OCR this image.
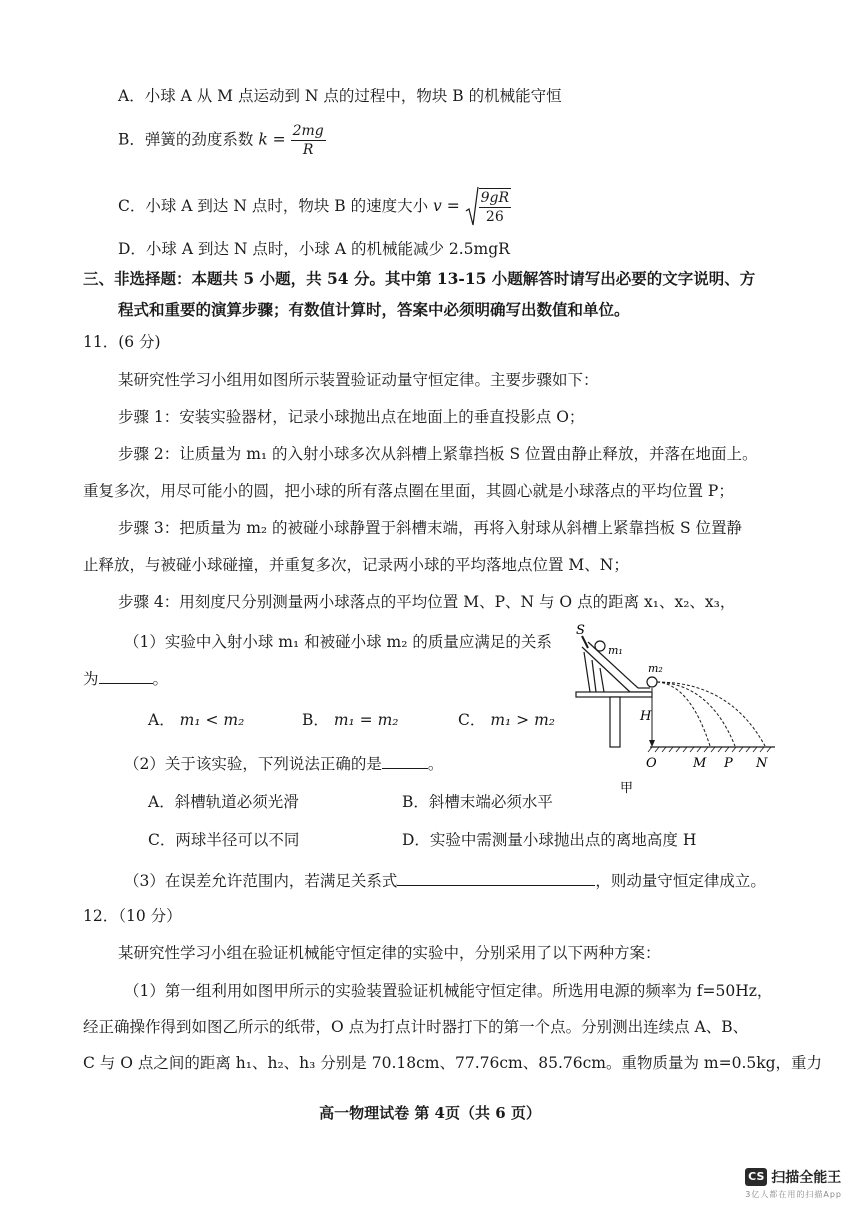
A．小球 A 从 M 点运动到 N 点的过程中，物块 B 的机械能守恒
B．弹簧的劲度系数 $k = \frac{2mg}{R}$
C．小球 A 到达 N 点时，物块 B 的速度大小 $v = \frac{9gR}{26}$
D．小球 A 到达 N 点时，小球 A 的机械能减少 2.5mgR
三、非选择题：本题共 5 小题，共 54 分。其中第 13-15 小题解答时请写出必要的文字说明、方
程式和重要的演算步骤；有数值计算时，答案中必须明确写出数值和单位。
11．(6 分)
某研究性学习小组用如图所示装置验证动量守恒定律。主要步骤如下：
步骤 1：安装实验器材，记录小球抛出点在地面上的垂直投影点 O；
步骤 2：让质量为 m₁ 的入射小球多次从斜槽上紧靠挡板 S 位置由静止释放，并落在地面上。
重复多次，用尽可能小的圆，把小球的所有落点圈在里面，其圆心就是小球落点的平均位置 P；
步骤 3：把质量为 m₂ 的被碰小球静置于斜槽末端，再将入射球从斜槽上紧靠挡板 S 位置静
止释放，与被碰小球碰撞，并重复多次，记录两小球的平均落地点位置 M、N；
步骤 4：用刻度尺分别测量两小球落点的平均位置 M、P、N 与 O 点的距离 x₁、x₂、x₃，
（1）实验中入射小球 m₁ 和被碰小球 m₂ 的质量应满足的关系
为	。
A． m₁ < m₂	B． m₁ = m₂	C． m₁ > m₂
（2）关于该实验，下列说法正确的是	。
A．斜槽轨道必须光滑	B．斜槽末端必须水平
C．两球半径可以不同	D．实验中需测量小球抛出点的离地高度 H
（3）在误差允许范围内，若满足关系式	，则动量守恒定律成立。
S
m₁
m₂
H
O	M P N
甲
12．（10 分）
某研究性学习小组在验证机械能守恒定律的实验中，分别采用了以下两种方案：
（1）第一组利用如图甲所示的实验装置验证机械能守恒定律。所选用电源的频率为 f=50Hz，
经正确操作得到如图乙所示的纸带，O 点为打点计时器打下的第一个点。分别测出连续点 A、B、
C 与 O 点之间的距离 h₁、h₂、h₃ 分别是 70.18cm、77.76cm、85.76cm。重物质量为 m=0.5kg，重力
高一物理试卷 第 4页（共 6 页）
CS 扫描全能王
3亿人都在用的扫描App
